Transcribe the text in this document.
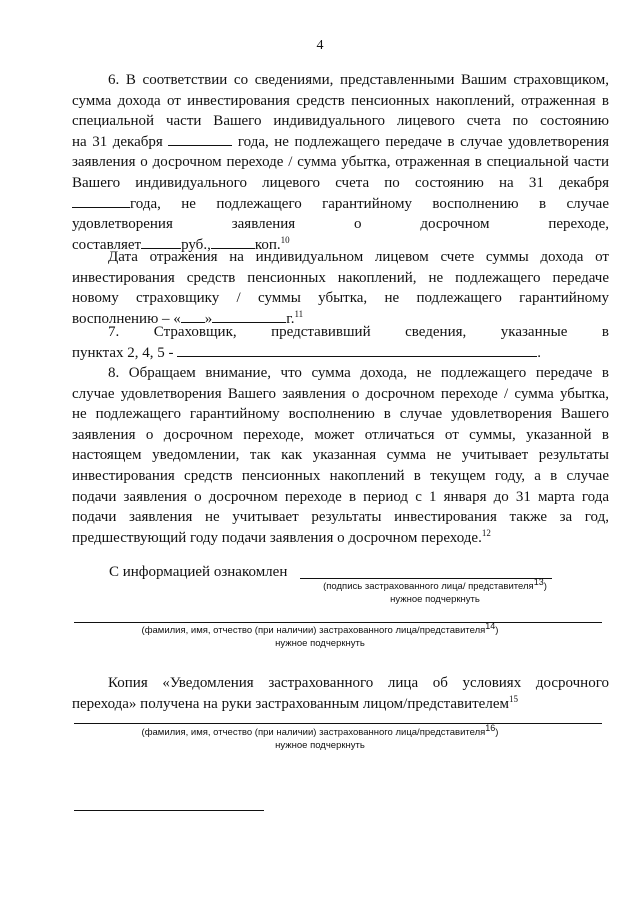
4
6. В соответствии со сведениями, представленными Вашим страховщиком,
сумма дохода от инвестирования средств пенсионных накоплений, отраженная в
специальной части Вашего индивидуального лицевого счета по состоянию
на 31 декабря	года, не подлежащего передаче в случае удовлетворения
заявления о досрочном переходе / сумма убытка, отраженная в специальной части
Вашего индивидуального лицевого счета по состоянию на 31 декабря
года, не подлежащего гарантийному восполнению в случае
удовлетворения заявления о досрочном переходе,
составляет	руб.,	коп.$^{10}$
Дата отражения на индивидуальном лицевом счете суммы дохода от
инвестирования средств пенсионных накоплений, не подлежащего передаче
новому страховщику / суммы убытка, не подлежащего гарантийному
восполнению – « »	г.$^{11}$
7. Страховщик, представивший сведения, указанные в
пунктах 2, 4, 5 -	.
8. Обращаем внимание, что сумма дохода, не подлежащего передаче в
случае удовлетворения Вашего заявления о досрочном переходе / сумма убытка,
не подлежащего гарантийному восполнению в случае удовлетворения Вашего
заявления о досрочном переходе, может отличаться от суммы, указанной в
настоящем уведомлении, так как указанная сумма не учитывает результаты
инвестирования средств пенсионных накоплений в текущем году, а в случае
подачи заявления о досрочном переходе в период с 1 января до 31 марта года
подачи заявления не учитывает результаты инвестирования также за год,
предшествующий году подачи заявления о досрочном переходе.$^{12}$
С информацией ознакомлен
(подпись застрахованного лица/ представителя$^{13}$)
нужное подчеркнуть
(фамилия, имя, отчество (при наличии) застрахованного лица/представителя$^{14}$)
нужное подчеркнуть
Копия «Уведомления застрахованного лица об условиях досрочного
перехода» получена на руки застрахованным лицом/представителем$^{15}$
(фамилия, имя, отчество (при наличии) застрахованного лица/представителя$^{16}$)
нужное подчеркнуть
